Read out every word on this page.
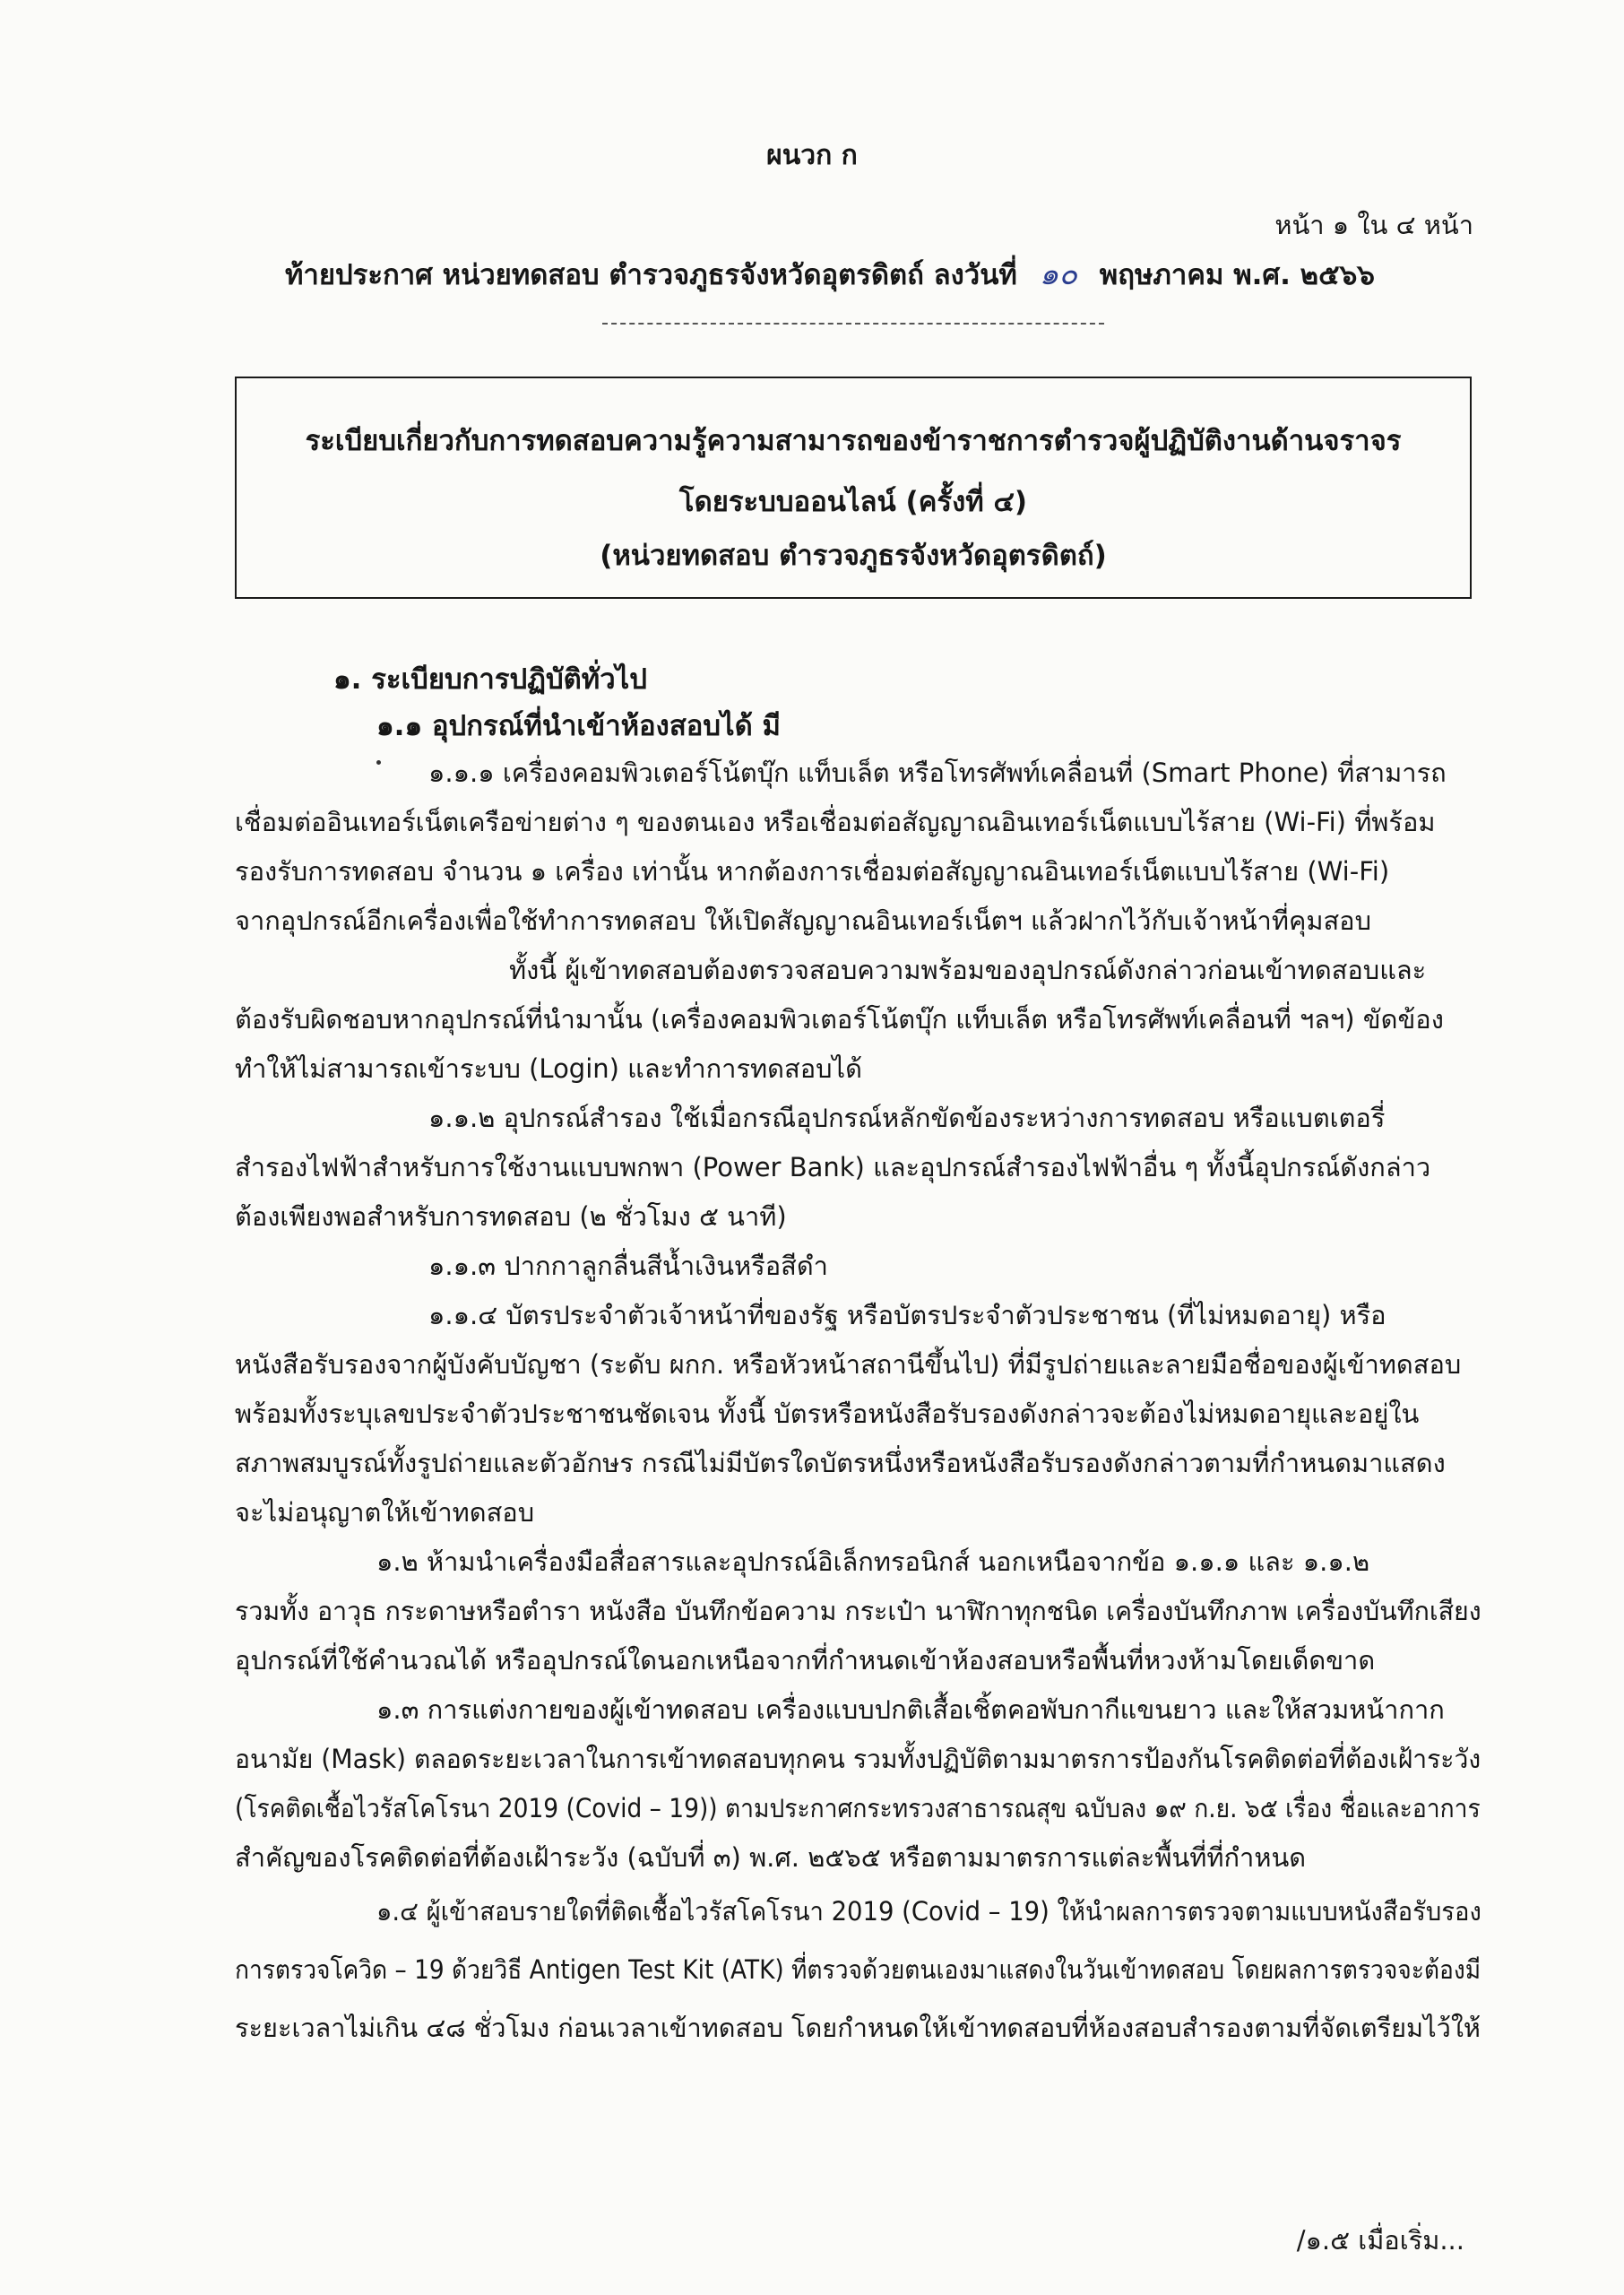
ผนวก ก
หน้า ๑ ใน ๔ หน้า
ท้ายประกาศ หน่วยทดสอบ ตำรวจภูธรจังหวัดอุตรดิตถ์ ลงวันที่ ๑๐ พฤษภาคม พ.ศ. ๒๕๖๖
ระเบียบเกี่ยวกับการทดสอบความรู้ความสามารถของข้าราชการตำรวจผู้ปฏิบัติงานด้านจราจร
โดยระบบออนไลน์ (ครั้งที่ ๔)
(หน่วยทดสอบ ตำรวจภูธรจังหวัดอุตรดิตถ์)
๑. ระเบียบการปฏิบัติทั่วไป
๑.๑ อุปกรณ์ที่นำเข้าห้องสอบได้ มี
๑.๑.๑ เครื่องคอมพิวเตอร์โน้ตบุ๊ก แท็บเล็ต หรือโทรศัพท์เคลื่อนที่ (Smart Phone) ที่สามารถ
เชื่อมต่ออินเทอร์เน็ตเครือข่ายต่าง ๆ ของตนเอง หรือเชื่อมต่อสัญญาณอินเทอร์เน็ตแบบไร้สาย (Wi-Fi) ที่พร้อม
รองรับการทดสอบ จำนวน ๑ เครื่อง เท่านั้น หากต้องการเชื่อมต่อสัญญาณอินเทอร์เน็ตแบบไร้สาย (Wi-Fi)
จากอุปกรณ์อีกเครื่องเพื่อใช้ทำการทดสอบ ให้เปิดสัญญาณอินเทอร์เน็ตฯ แล้วฝากไว้กับเจ้าหน้าที่คุมสอบ
ทั้งนี้ ผู้เข้าทดสอบต้องตรวจสอบความพร้อมของอุปกรณ์ดังกล่าวก่อนเข้าทดสอบและ
ต้องรับผิดชอบหากอุปกรณ์ที่นำมานั้น (เครื่องคอมพิวเตอร์โน้ตบุ๊ก แท็บเล็ต หรือโทรศัพท์เคลื่อนที่ ฯลฯ) ขัดข้อง
ทำให้ไม่สามารถเข้าระบบ (Login) และทำการทดสอบได้
๑.๑.๒ อุปกรณ์สำรอง ใช้เมื่อกรณีอุปกรณ์หลักขัดข้องระหว่างการทดสอบ หรือแบตเตอรี่
สำรองไฟฟ้าสำหรับการใช้งานแบบพกพา (Power Bank) และอุปกรณ์สำรองไฟฟ้าอื่น ๆ ทั้งนี้อุปกรณ์ดังกล่าว
ต้องเพียงพอสำหรับการทดสอบ (๒ ชั่วโมง ๕ นาที)
๑.๑.๓ ปากกาลูกลื่นสีน้ำเงินหรือสีดำ
๑.๑.๔ บัตรประจำตัวเจ้าหน้าที่ของรัฐ หรือบัตรประจำตัวประชาชน (ที่ไม่หมดอายุ) หรือ
หนังสือรับรองจากผู้บังคับบัญชา (ระดับ ผกก. หรือหัวหน้าสถานีขึ้นไป) ที่มีรูปถ่ายและลายมือชื่อของผู้เข้าทดสอบ
พร้อมทั้งระบุเลขประจำตัวประชาชนชัดเจน ทั้งนี้ บัตรหรือหนังสือรับรองดังกล่าวจะต้องไม่หมดอายุและอยู่ใน
สภาพสมบูรณ์ทั้งรูปถ่ายและตัวอักษร กรณีไม่มีบัตรใดบัตรหนึ่งหรือหนังสือรับรองดังกล่าวตามที่กำหนดมาแสดง
จะไม่อนุญาตให้เข้าทดสอบ
๑.๒ ห้ามนำเครื่องมือสื่อสารและอุปกรณ์อิเล็กทรอนิกส์ นอกเหนือจากข้อ ๑.๑.๑ และ ๑.๑.๒
รวมทั้ง อาวุธ กระดาษหรือตำรา หนังสือ บันทึกข้อความ กระเป๋า นาฬิกาทุกชนิด เครื่องบันทึกภาพ เครื่องบันทึกเสียง
อุปกรณ์ที่ใช้คำนวณได้ หรืออุปกรณ์ใดนอกเหนือจากที่กำหนดเข้าห้องสอบหรือพื้นที่หวงห้ามโดยเด็ดขาด
๑.๓ การแต่งกายของผู้เข้าทดสอบ เครื่องแบบปกติเสื้อเชิ้ตคอพับกากีแขนยาว และให้สวมหน้ากาก
อนามัย (Mask) ตลอดระยะเวลาในการเข้าทดสอบทุกคน รวมทั้งปฏิบัติตามมาตรการป้องกันโรคติดต่อที่ต้องเฝ้าระวัง
(โรคติดเชื้อไวรัสโคโรนา 2019 (Covid – 19)) ตามประกาศกระทรวงสาธารณสุข ฉบับลง ๑๙ ก.ย. ๖๕ เรื่อง ชื่อและอาการ
สำคัญของโรคติดต่อที่ต้องเฝ้าระวัง (ฉบับที่ ๓) พ.ศ. ๒๕๖๕ หรือตามมาตรการแต่ละพื้นที่ที่กำหนด
๑.๔ ผู้เข้าสอบรายใดที่ติดเชื้อไวรัสโคโรนา 2019 (Covid – 19) ให้นำผลการตรวจตามแบบหนังสือรับรอง
การตรวจโควิด – 19 ด้วยวิธี Antigen Test Kit (ATK) ที่ตรวจด้วยตนเองมาแสดงในวันเข้าทดสอบ โดยผลการตรวจจะต้องมี
ระยะเวลาไม่เกิน ๔๘ ชั่วโมง ก่อนเวลาเข้าทดสอบ โดยกำหนดให้เข้าทดสอบที่ห้องสอบสำรองตามที่จัดเตรียมไว้ให้
/๑.๕ เมื่อเริ่ม...
